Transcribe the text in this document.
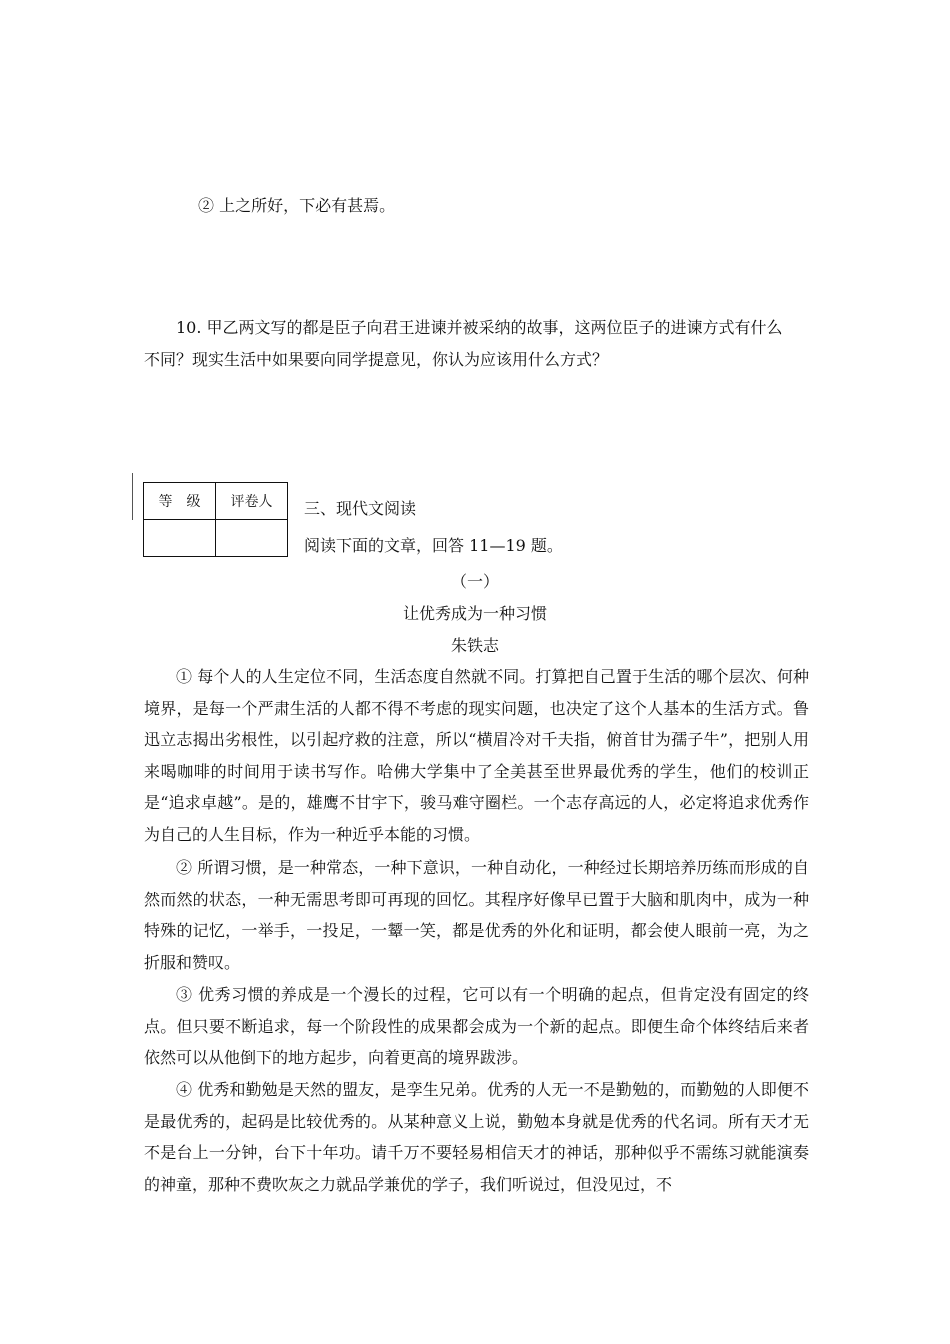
② 上之所好，下必有甚焉。
10. 甲乙两文写的都是臣子向君王进谏并被采纳的故事，这两位臣子的进谏方式有什么
不同？现实生活中如果要向同学提意见，你认为应该用什么方式？
等　级	评卷人
	三、现代文阅读
阅读下面的文章，回答 11—19 题。
（一）
让优秀成为一种习惯
朱铁志

① 每个人的人生定位不同，生活态度自然就不同。打算把自己置于生活的哪个层次、何种境界，是每一个严肃生活的人都不得不考虑的现实问题，也决定了这个人基本的生活方式。鲁迅立志揭出劣根性，以引起疗救的注意，所以“横眉冷对千夫指，俯首甘为孺子牛”，把别人用来喝咖啡的时间用于读书写作。哈佛大学集中了全美甚至世界最优秀的学生，他们的校训正是“追求卓越”。是的，雄鹰不甘宇下，骏马难守圈栏。一个志存高远的人，必定将追求优秀作为自己的人生目标，作为一种近乎本能的习惯。

② 所谓习惯，是一种常态，一种下意识，一种自动化，一种经过长期培养历练而形成的自然而然的状态，一种无需思考即可再现的回忆。其程序好像早已置于大脑和肌肉中，成为一种特殊的记忆，一举手，一投足，一颦一笑，都是优秀的外化和证明，都会使人眼前一亮，为之折服和赞叹。

③ 优秀习惯的养成是一个漫长的过程，它可以有一个明确的起点，但肯定没有固定的终点。但只要不断追求，每一个阶段性的成果都会成为一个新的起点。即便生命个体终结后来者依然可以从他倒下的地方起步，向着更高的境界跋涉。

④ 优秀和勤勉是天然的盟友，是孪生兄弟。优秀的人无一不是勤勉的，而勤勉的人即便不是最优秀的，起码是比较优秀的。从某种意义上说，勤勉本身就是优秀的代名词。所有天才无不是台上一分钟，台下十年功。请千万不要轻易相信天才的神话，那种似乎不需练习就能演奏的神童，那种不费吹灰之力就品学兼优的学子，我们听说过，但没见过，不
